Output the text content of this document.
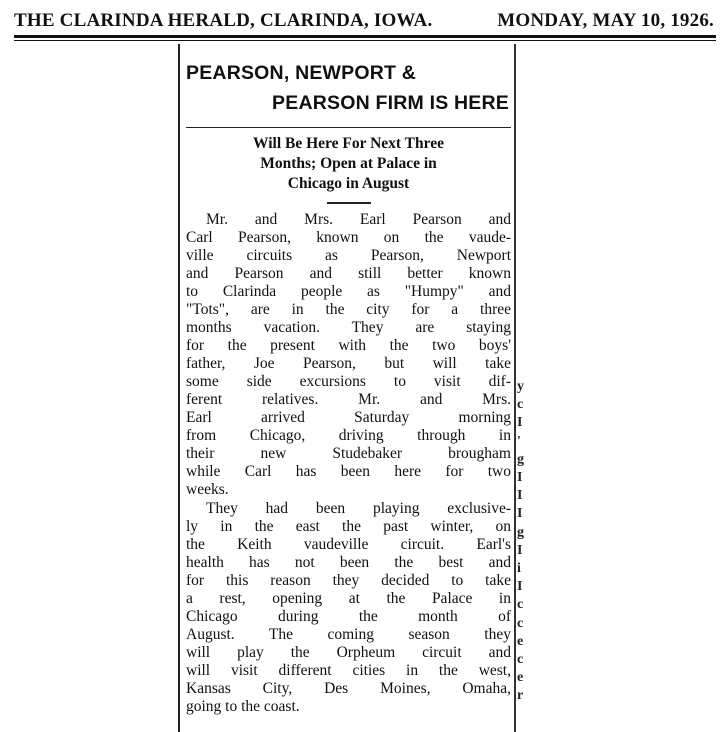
THE CLARINDA HERALD, CLARINDA, IOWA.	MONDAY, MAY 10, 1926.
PEARSON, NEWPORT &
PEARSON FIRM IS HERE
Will Be Here For Next Three
Months; Open at Palace in
Chicago in August

Mr. and Mrs. Earl Pearson and
Carl Pearson, known on the vaude-
ville circuits as Pearson, Newport
and Pearson and still better known
to Clarinda people as "Humpy" and
"Tots", are in the city for a three
months vacation. They are staying
for the present with the two boys'
father, Joe Pearson, but will take
some side excursions to visit dif-
ferent relatives. Mr. and Mrs.
Earl arrived Saturday morning
from Chicago, driving through in
their new Studebaker brougham
while Carl has been here for two
weeks.

They had been playing exclusive-
ly in the east the past winter, on
the Keith vaudeville circuit. Earl's
health has not been the best and
for this reason they decided to take
a rest, opening at the Palace in
Chicago during the month of
August. The coming season they
will play the Orpheum circuit and
will visit different cities in the west,
Kansas City, Des Moines, Omaha,
going to the coast.

y
c
I
'
g
I
I
I
g
I
i
I
c
c
e
c
e
r
